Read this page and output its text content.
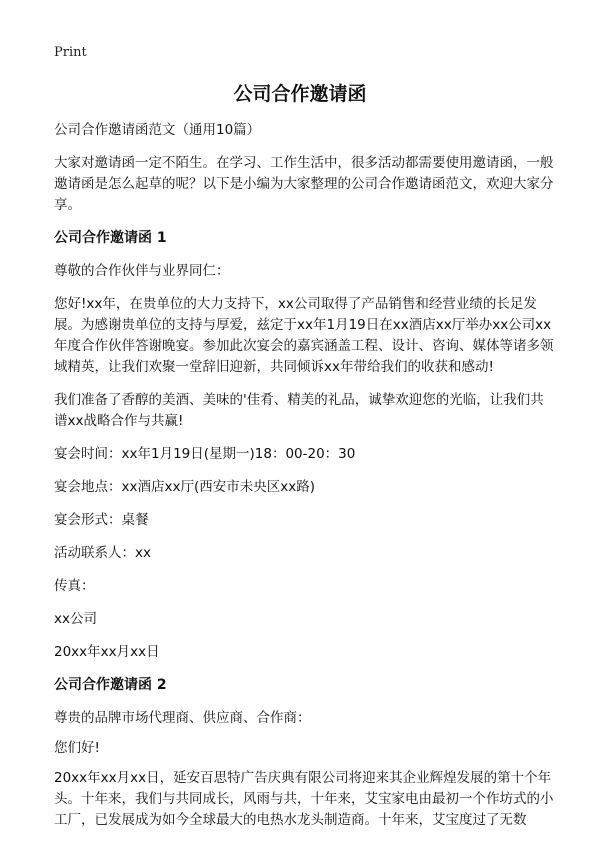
Print
公司合作邀请函

公司合作邀请函范文（通用10篇）

大家对邀请函一定不陌生。在学习、工作生活中，很多活动都需要使用邀请函，一般邀请函是怎么起草的呢？以下是小编为大家整理的公司合作邀请函范文，欢迎大家分享。

公司合作邀请函 1

尊敬的合作伙伴与业界同仁：

您好!xx年，在贵单位的大力支持下，xx公司取得了产品销售和经营业绩的长足发展。为感谢贵单位的支持与厚爱，兹定于xx年1月19日在xx酒店xx厅举办xx公司xx年度合作伙伴答谢晚宴。参加此次宴会的嘉宾涵盖工程、设计、咨询、媒体等诸多领域精英，让我们欢聚一堂辞旧迎新，共同倾诉xx年带给我们的收获和感动!

我们准备了香醇的美酒、美味的'佳肴、精美的礼品，诚挚欢迎您的光临，让我们共谱xx战略合作与共赢!

宴会时间：xx年1月19日(星期一)18：00-20：30

宴会地点：xx酒店xx厅(西安市未央区xx路)

宴会形式：桌餐

活动联系人：xx

传真：

xx公司

20xx年xx月xx日

公司合作邀请函 2

尊贵的品牌市场代理商、供应商、合作商：

您们好!

20xx年xx月xx日，延安百思特广告庆典有限公司将迎来其企业辉煌发展的第十个年头。十年来，我们与共同成长，风雨与共，十年来，艾宝家电由最初一个作坊式的小工厂，已发展成为如今全球最大的电热水龙头制造商。十年来，艾宝度过了无数
